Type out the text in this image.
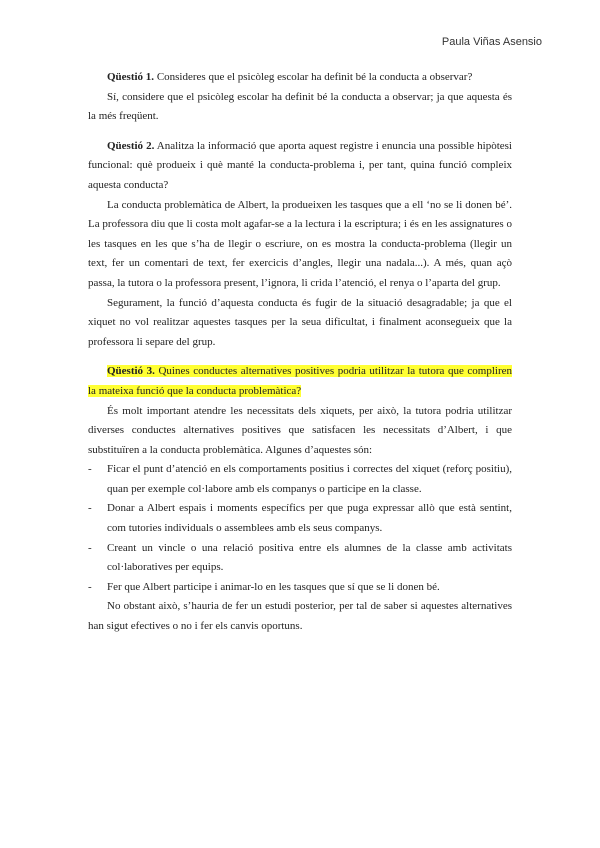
Paula Viñas Asensio

Qüestió 1. Consideres que el psicòleg escolar ha definit bé la conducta a observar?

Sí, considere que el psicòleg escolar ha definit bé la conducta a observar; ja que aquesta és la més freqüent.

Qüestió 2. Analitza la informació que aporta aquest registre i enuncia una possible hipòtesi funcional: què produeix i què manté la conducta-problema i, per tant, quina funció compleix aquesta conducta?

La conducta problemàtica de Albert, la produeixen les tasques que a ell ‘no se li donen bé’. La professora diu que li costa molt agafar-se a la lectura i la escriptura; i és en les assignatures o les tasques en les que s’ha de llegir o escriure, on es mostra la conducta-problema (llegir un text, fer un comentari de text, fer exercicis d’angles, llegir una nadala...). A més, quan açò passa, la tutora o la professora present, l’ignora, li crida l’atenció, el renya o l’aparta del grup.

Segurament, la funció d’aquesta conducta és fugir de la situació desagradable; ja que el xiquet no vol realitzar aquestes tasques per la seua dificultat, i finalment aconsegueix que la professora li separe del grup.

Qüestió 3. Quines conductes alternatives positives podria utilitzar la tutora que compliren la mateixa funció que la conducta problemàtica?

És molt important atendre les necessitats dels xiquets, per això, la tutora podria utilitzar diverses conductes alternatives positives que satisfacen les necessitats d’Albert, i que substituïren a la conducta problemàtica. Algunes d’aquestes són:

- Ficar el punt d’atenció en els comportaments positius i correctes del xiquet (reforç positiu), quan per exemple col·labore amb els companys o participe en la classe.
- Donar a Albert espais i moments específics per que puga expressar allò que està sentint, com tutories individuals o assemblees amb els seus companys.
- Creant un vincle o una relació positiva entre els alumnes de la classe amb activitats col·laboratives per equips.
- Fer que Albert participe i animar-lo en les tasques que sí que se li donen bé.

No obstant això, s’hauria de fer un estudi posterior, per tal de saber si aquestes alternatives han sigut efectives o no i fer els canvis oportuns.
